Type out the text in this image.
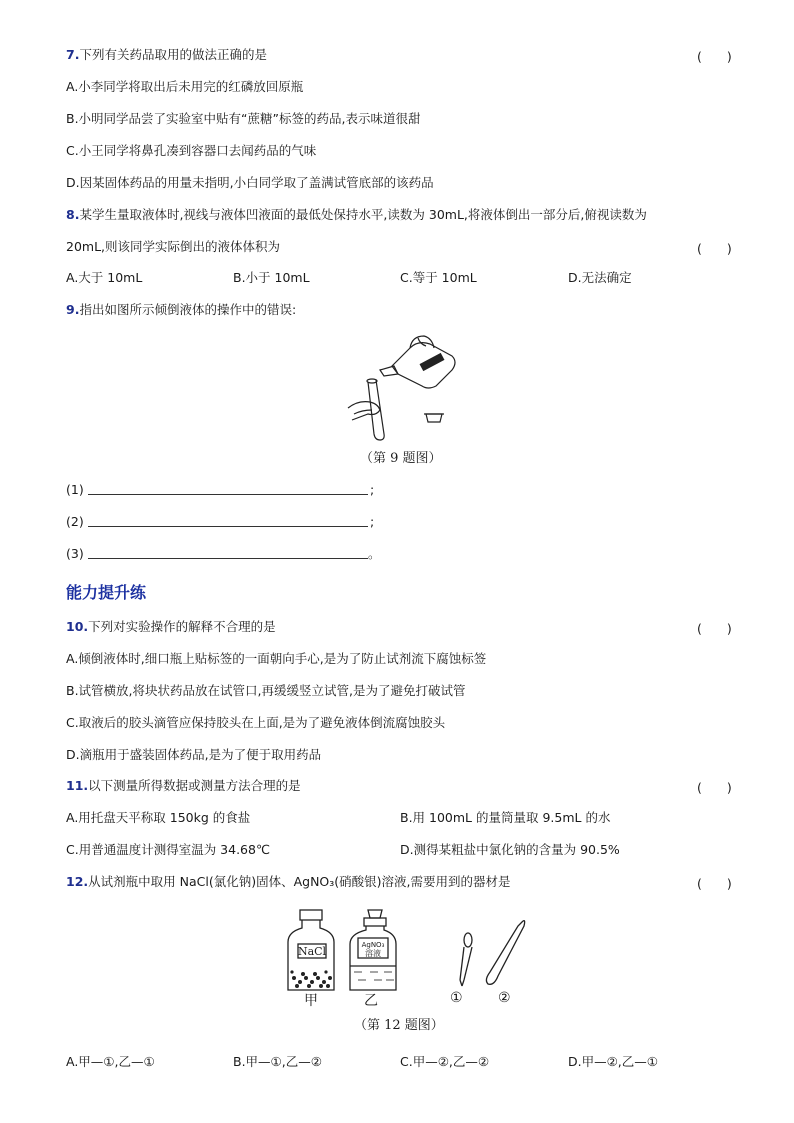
7.下列有关药品取用的做法正确的是	(　　)
A.小李同学将取出后未用完的红磷放回原瓶
B.小明同学品尝了实验室中贴有“蔗糖”标签的药品,表示味道很甜
C.小王同学将鼻孔凑到容器口去闻药品的气味
D.因某固体药品的用量未指明,小白同学取了盖满试管底部的该药品
8.某学生量取液体时,视线与液体凹液面的最低处保持水平,读数为 30mL,将液体倒出一部分后,俯视读数为
20mL,则该同学实际倒出的液体体积为	(　　)
A.大于 10mL	B.小于 10mL	C.等于 10mL	D.无法确定
9.指出如图所示倾倒液体的操作中的错误:
（第 9 题图）
(1)	;
(2)	;
(3)	。
能力提升练
10.下列对实验操作的解释不合理的是	(　　)
A.倾倒液体时,细口瓶上贴标签的一面朝向手心,是为了防止试剂流下腐蚀标签
B.试管横放,将块状药品放在试管口,再缓缓竖立试管,是为了避免打破试管
C.取液后的胶头滴管应保持胶头在上面,是为了避免液体倒流腐蚀胶头
D.滴瓶用于盛装固体药品,是为了便于取用药品
11.以下测量所得数据或测量方法合理的是	(　　)
A.用托盘天平称取 150kg 的食盐	B.用 100mL 的量筒量取 9.5mL 的水
C.用普通温度计测得室温为 34.68℃	D.测得某粗盐中氯化钠的含量为 90.5%
12.从试剂瓶中取用 NaCl(氯化钠)固体、AgNO₃(硝酸银)溶液,需要用到的器材是	(　　)
NaCl	AgNO₃
溶液
甲	乙	①	②
（第 12 题图）
A.甲—①,乙—①	B.甲—①,乙—②	C.甲—②,乙—②	D.甲—②,乙—①
